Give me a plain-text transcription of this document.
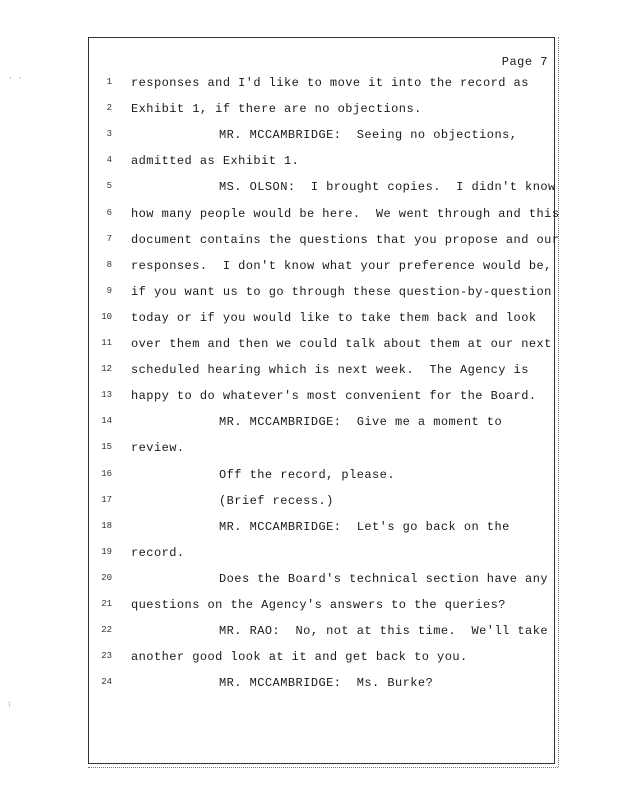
· ·
⁝
Page 7
1 responses and I'd like to move it into the record as
2 Exhibit 1, if there are no objections.
3	MR. MCCAMBRIDGE:  Seeing no objections,
4 admitted as Exhibit 1.
5	MS. OLSON:  I brought copies.  I didn't know
6 how many people would be here.  We went through and this
7 document contains the questions that you propose and our
8 responses.  I don't know what your preference would be,
9 if you want us to go through these question-by-question
10 today or if you would like to take them back and look
11 over them and then we could talk about them at our next
12 scheduled hearing which is next week.  The Agency is
13 happy to do whatever's most convenient for the Board.
14	MR. MCCAMBRIDGE:  Give me a moment to
15 review.
16	Off the record, please.
17	(Brief recess.)
18	MR. MCCAMBRIDGE:  Let's go back on the
19 record.
20	Does the Board's technical section have any
21 questions on the Agency's answers to the queries?
22	MR. RAO:  No, not at this time.  We'll take
23 another good look at it and get back to you.
24	MR. MCCAMBRIDGE:  Ms. Burke?
